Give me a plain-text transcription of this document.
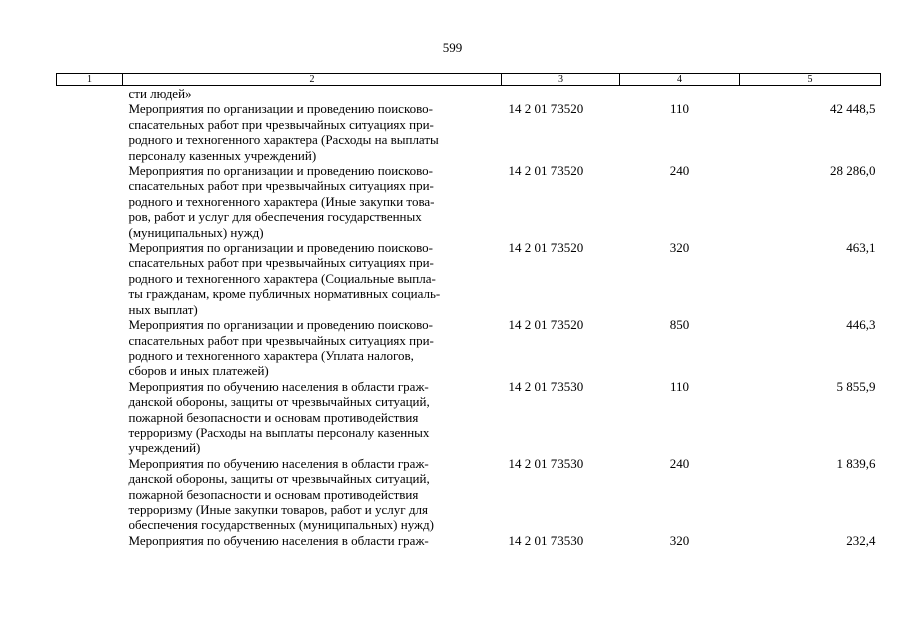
599
1	2	3	4	5

	сти людей»			

	Мероприятия по организации и проведению поисково-
спасательных работ при чрезвычайных ситуациях при-
родного и техногенного характера (Расходы на выплаты
персоналу казенных учреждений)	14 2 01 73520	110	42 448,5

	Мероприятия по организации и проведению поисково-
спасательных работ при чрезвычайных ситуациях при-
родного и техногенного характера (Иные закупки това-
ров, работ и услуг для обеспечения государственных
(муниципальных) нужд)	14 2 01 73520	240	28 286,0

	Мероприятия по организации и проведению поисково-
спасательных работ при чрезвычайных ситуациях при-
родного и техногенного характера (Социальные выпла-
ты гражданам, кроме публичных нормативных социаль-
ных выплат)	14 2 01 73520	320	463,1

	Мероприятия по организации и проведению поисково-
спасательных работ при чрезвычайных ситуациях при-
родного и техногенного характера (Уплата налогов,
сборов и иных платежей)	14 2 01 73520	850	446,3

	Мероприятия по обучению населения в области граж-
данской обороны, защиты от чрезвычайных ситуаций,
пожарной безопасности и основам противодействия
терроризму (Расходы на выплаты персоналу казенных
учреждений)	14 2 01 73530	110	5 855,9

	Мероприятия по обучению населения в области граж-
данской обороны, защиты от чрезвычайных ситуаций,
пожарной безопасности и основам противодействия
терроризму (Иные закупки товаров, работ и услуг для
обеспечения государственных (муниципальных) нужд)	14 2 01 73530	240	1 839,6

	Мероприятия по обучению населения в области граж-	14 2 01 73530	320	232,4
